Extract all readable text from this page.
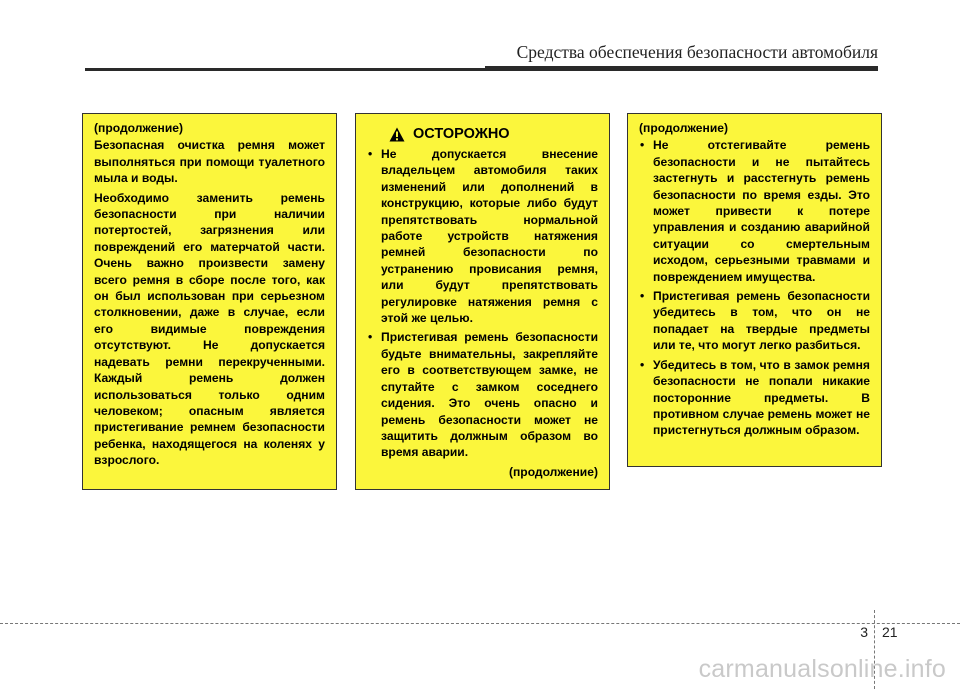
Средства обеспечения безопасности автомобиля

(продолжение)

Безопасная очистка ремня может выполняться при помощи туалетного мыла и воды.

Необходимо заменить ремень безопасности при наличии потертостей, загрязнения или повреждений его матерчатой части. Очень важно произвести замену всего ремня в сборе после того, как он был использован при серьезном столкновении, даже в случае, если его видимые повреждения отсутствуют. Не допускается надевать ремни перекрученными. Каждый ремень должен использоваться только одним человеком; опасным является пристегивание ремнем безопасности ребенка, находящегося на коленях у взрослого.

ОСТОРОЖНО
• Не допускается внесение владельцем автомобиля таких изменений или дополнений в конструкцию, которые либо будут препятствовать нормальной работе устройств натяжения ремней безопасности по устранению провисания ремня, или будут препятствовать регулировке натяжения ремня с этой же целью.
• Пристегивая ремень безопасности будьте внимательны, закрепляйте его в соответствующем замке, не спутайте с замком соседнего сидения. Это очень опасно и ремень безопасности может не защитить должным образом во время аварии.
(продолжение)

(продолжение)

• Не отстегивайте ремень безопасности и не пытайтесь застегнуть и расстегнуть ремень безопасности по время езды. Это может привести к потере управления и созданию аварийной ситуации со смертельным исходом, серьезными травмами и повреждением имущества.
• Пристегивая ремень безопасности убедитесь в том, что он не попадает на твердые предметы или те, что могут легко разбиться.
• Убедитесь в том, что в замок ремня безопасности не попали никакие посторонние предметы. В противном случае ремень может не пристегнуться должным образом.
3 21
carmanualsonline.info
